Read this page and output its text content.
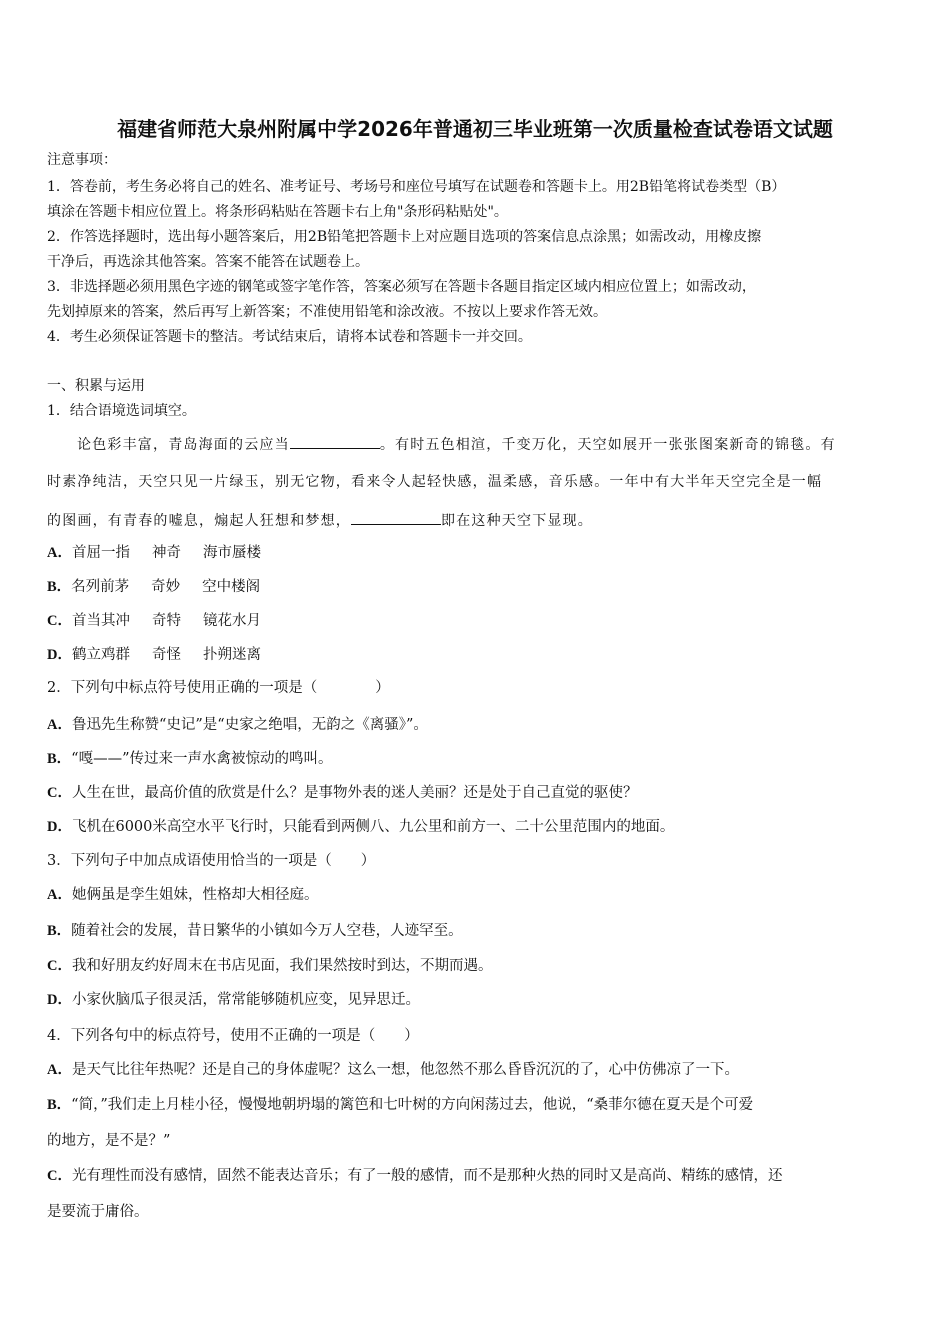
福建省师范大泉州附属中学2026年普通初三毕业班第一次质量检查试卷语文试题
注意事项：
1．答卷前，考生务必将自己的姓名、准考证号、考场号和座位号填写在试题卷和答题卡上。用2B铅笔将试卷类型（B）
填涂在答题卡相应位置上。将条形码粘贴在答题卡右上角"条形码粘贴处"。
2．作答选择题时，选出每小题答案后，用2B铅笔把答题卡上对应题目选项的答案信息点涂黑；如需改动，用橡皮擦
干净后，再选涂其他答案。答案不能答在试题卷上。
3．非选择题必须用黑色字迹的钢笔或签字笔作答，答案必须写在答题卡各题目指定区域内相应位置上；如需改动，
先划掉原来的答案，然后再写上新答案；不准使用铅笔和涂改液。不按以上要求作答无效。
4．考生必须保证答题卡的整洁。考试结束后，请将本试卷和答题卡一并交回。
一、积累与运用
1．结合语境选词填空。
论色彩丰富，青岛海面的云应当	。有时五色相渲，千变万化，天空如展开一张张图案新奇的锦毯。有
时素净纯洁，天空只见一片绿玉，别无它物，看来令人起轻快感，温柔感，音乐感。一年中有大半年天空完全是一幅
的图画，有青春的嘘息，煽起人狂想和梦想，	即在这种天空下显现。
A．首屈一指 神奇 海市蜃楼
B．名列前茅 奇妙 空中楼阁
C．首当其冲 奇特 镜花水月
D．鹤立鸡群 奇怪 扑朔迷离
2．下列句中标点符号使用正确的一项是（　　　　）
A．鲁迅先生称赞“史记”是“史家之绝唱，无韵之《离骚》”。
B．“嘎——”传过来一声水禽被惊动的鸣叫。
C．人生在世，最高价值的欣赏是什么？是事物外表的迷人美丽？还是处于自己直觉的驱使？
D．飞机在6000米高空水平飞行时，只能看到两侧八、九公里和前方一、二十公里范围内的地面。
3．下列句子中加点成语使用恰当的一项是（　　）
A．她俩虽是孪生姐妹，性格却大相径庭。
B．随着社会的发展，昔日繁华的小镇如今万人空巷，人迹罕至。
C．我和好朋友约好周末在书店见面，我们果然按时到达，不期而遇。
D．小家伙脑瓜子很灵活，常常能够随机应变，见异思迁。
4．下列各句中的标点符号，使用不正确的一项是（　　）
A．是天气比往年热呢？还是自己的身体虚呢？这么一想，他忽然不那么昏昏沉沉的了，心中仿佛凉了一下。
B．“简，”我们走上月桂小径，慢慢地朝坍塌的篱笆和七叶树的方向闲荡过去，他说，“桑菲尔德在夏天是个可爱
的地方，是不是？”
C．光有理性而没有感情，固然不能表达音乐；有了一般的感情，而不是那种火热的同时又是高尚、精练的感情，还
是要流于庸俗。
